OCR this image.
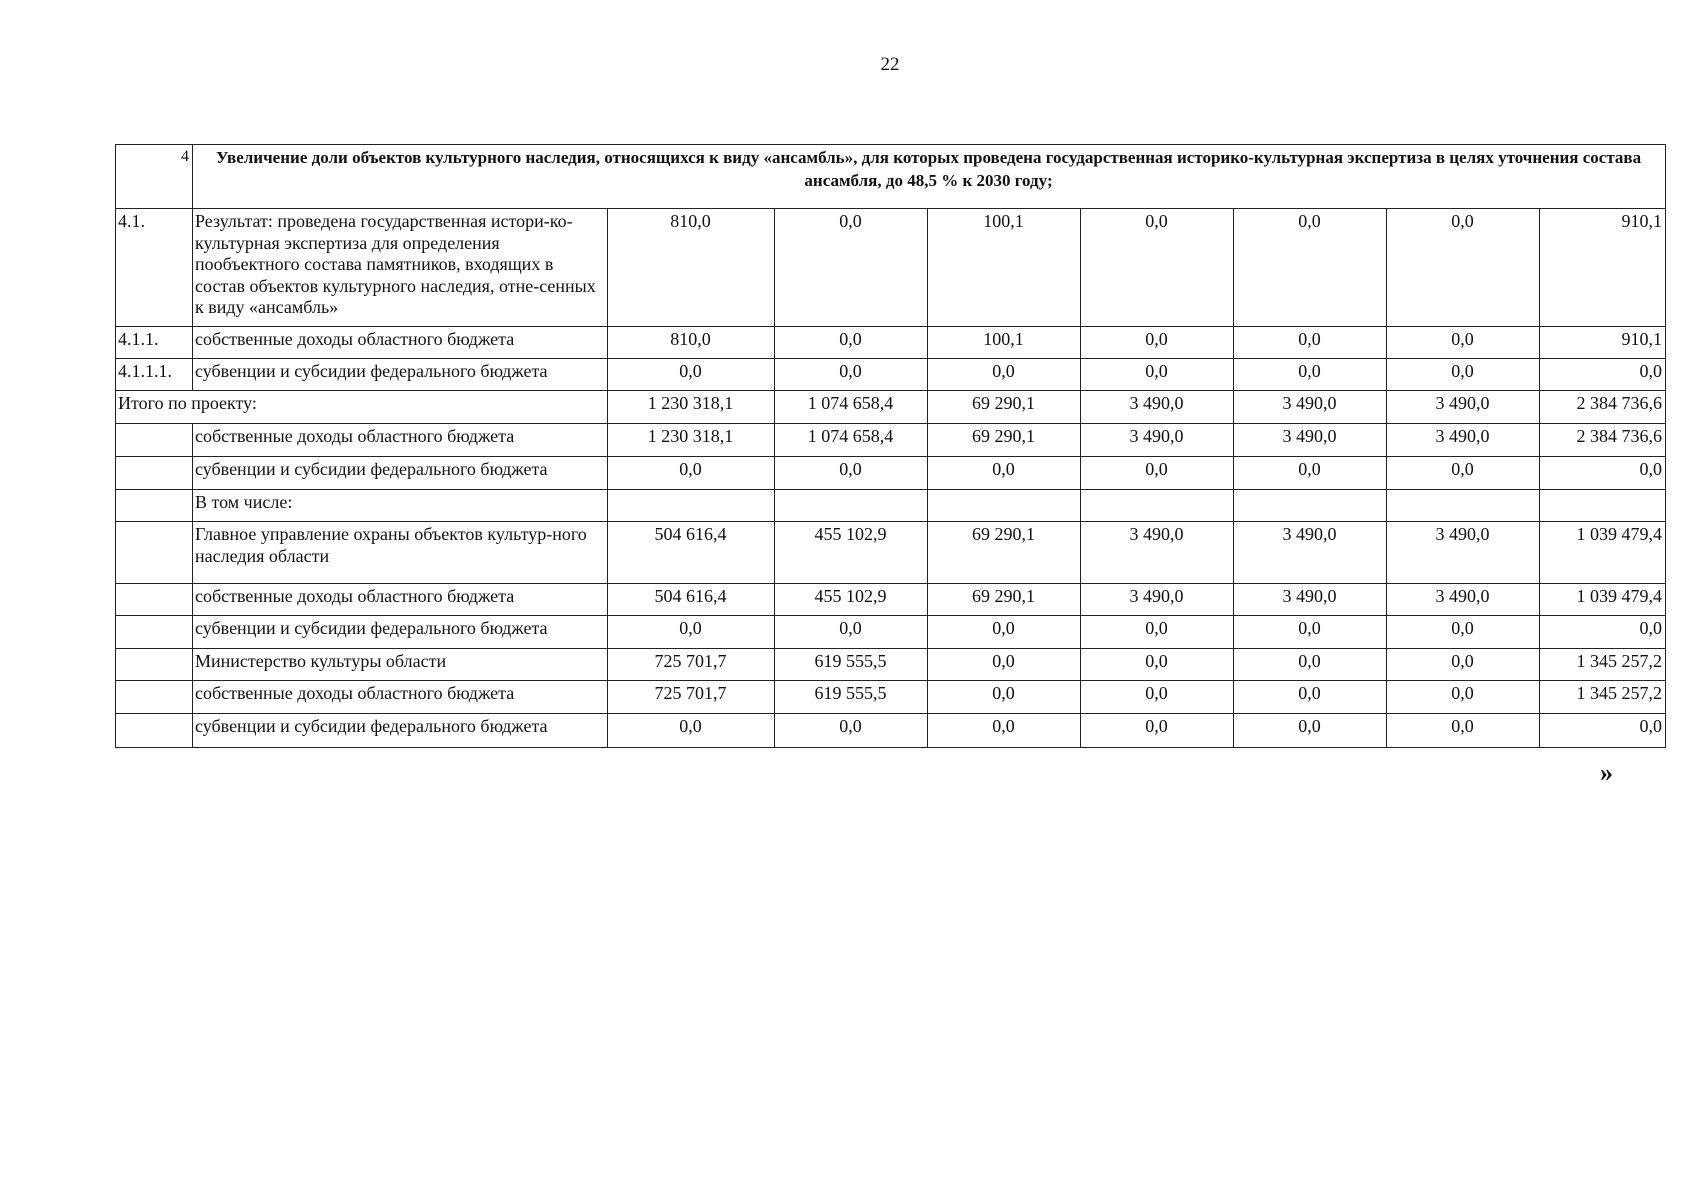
22
4	Увеличение доли объектов культурного наследия, относящихся к виду «ансамбль», для которых проведена государственная историко-культурная экспертиза в целях уточнения состава ансамбля, до 48,5 % к 2030 году;							
4.1.	Результат: проведена государственная истори-ко-культурная экспертиза для определения пообъектного состава памятников, входящих в состав объектов культурного наследия, отне-сенных к виду «ансамбль»	810,0	0,0	100,1	0,0	0,0	0,0	910,1
4.1.1.	собственные доходы областного бюджета	810,0	0,0	100,1	0,0	0,0	0,0	910,1
4.1.1.1.	субвенции и субсидии федерального бюджета	0,0	0,0	0,0	0,0	0,0	0,0	0,0
Итого по проекту:		1 230 318,1	1 074 658,4	69 290,1	3 490,0	3 490,0	3 490,0	2 384 736,6
	собственные доходы областного бюджета	1 230 318,1	1 074 658,4	69 290,1	3 490,0	3 490,0	3 490,0	2 384 736,6
	субвенции и субсидии федерального бюджета	0,0	0,0	0,0	0,0	0,0	0,0	0,0
	В том числе:							
	Главное управление охраны объектов культур-ного наследия области	504 616,4	455 102,9	69 290,1	3 490,0	3 490,0	3 490,0	1 039 479,4
	собственные доходы областного бюджета	504 616,4	455 102,9	69 290,1	3 490,0	3 490,0	3 490,0	1 039 479,4
	субвенции и субсидии федерального бюджета	0,0	0,0	0,0	0,0	0,0	0,0	0,0
	Министерство культуры области	725 701,7	619 555,5	0,0	0,0	0,0	0,0	1 345 257,2
	собственные доходы областного бюджета	725 701,7	619 555,5	0,0	0,0	0,0	0,0	1 345 257,2
	субвенции и субсидии федерального бюджета	0,0	0,0	0,0	0,0	0,0	0,0	0,0
»
